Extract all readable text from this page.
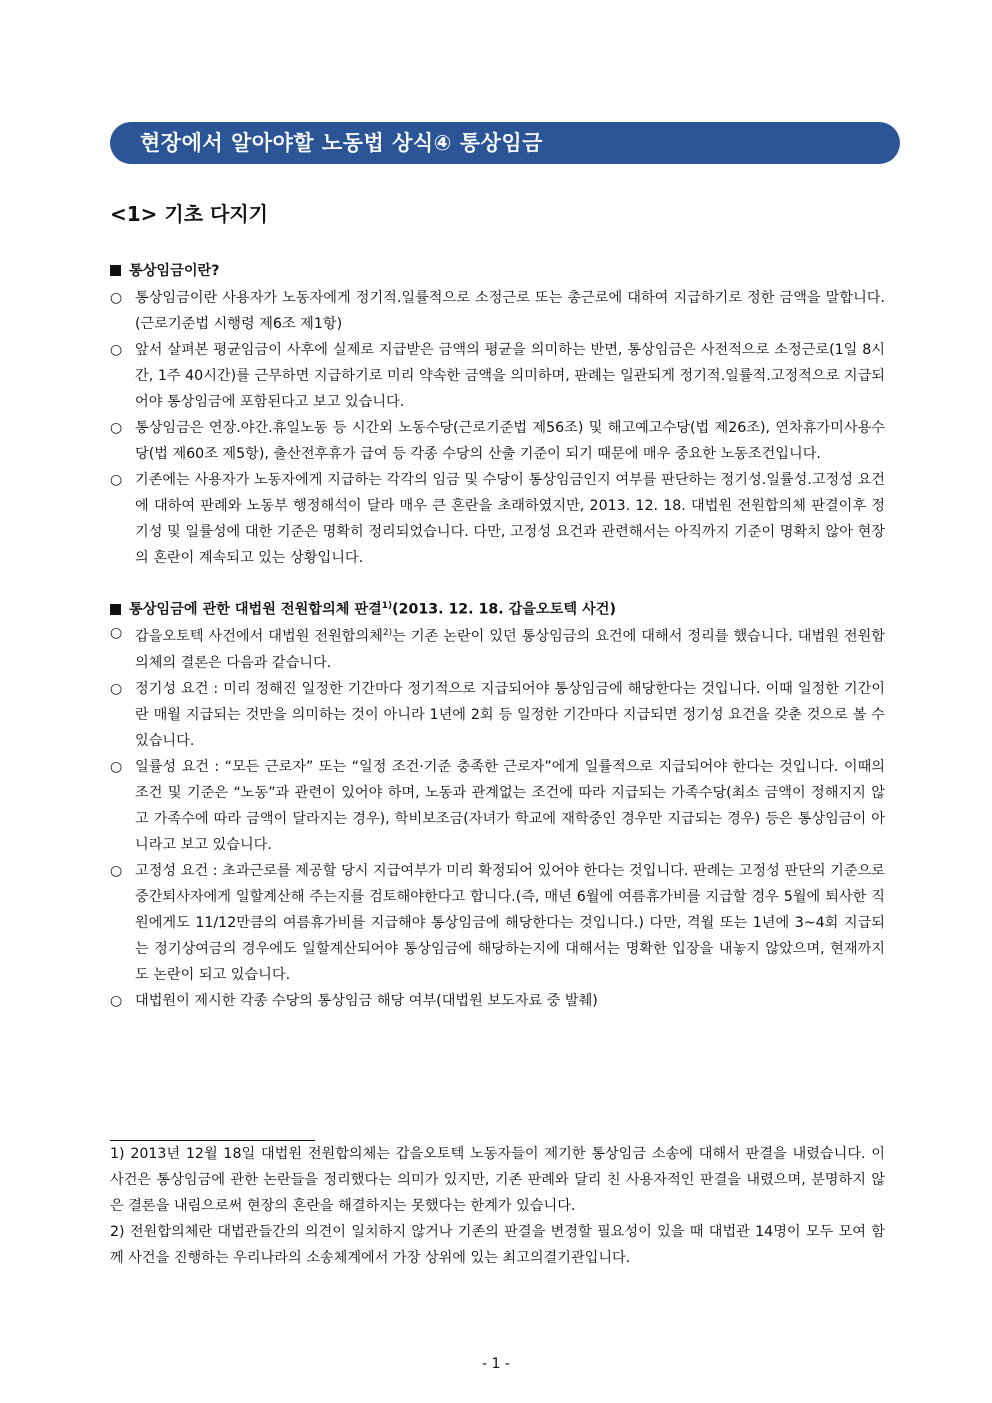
현장에서 알아야할 노동법 상식④ 통상임금
<1> 기초 다지기
통상임금이란?
○ 통상임금이란 사용자가 노동자에게 정기적.일률적으로 소정근로 또는 총근로에 대하여 지급하기로 정한 금액을 말합니다. (근로기준법 시행령 제6조 제1항)
○ 앞서 살펴본 평균임금이 사후에 실제로 지급받은 금액의 평균을 의미하는 반면, 통상임금은 사전적으로 소정근로(1일 8시간, 1주 40시간)를 근무하면 지급하기로 미리 약속한 금액을 의미하며, 판례는 일관되게 정기적.일률적.고정적으로 지급되어야 통상임금에 포함된다고 보고 있습니다.
○ 통상임금은 연장.야간.휴일노동 등 시간외 노동수당(근로기준법 제56조) 및 해고예고수당(법 제26조), 연차휴가미사용수당(법 제60조 제5항), 출산전후휴가 급여 등 각종 수당의 산출 기준이 되기 때문에 매우 중요한 노동조건입니다.
○ 기존에는 사용자가 노동자에게 지급하는 각각의 임금 및 수당이 통상임금인지 여부를 판단하는 정기성.일률성.고정성 요건에 대하여 판례와 노동부 행정해석이 달라 매우 큰 혼란을 초래하였지만, 2013. 12. 18. 대법원 전원합의체 판결이후 정기성 및 일률성에 대한 기준은 명확히 정리되었습니다. 다만, 고정성 요건과 관련해서는 아직까지 기준이 명확치 않아 현장의 혼란이 계속되고 있는 상황입니다.
통상임금에 관한 대법원 전원합의체 판결$^{1)}$(2013. 12. 18. 갑을오토텍 사건)
○ 갑을오토텍 사건에서 대법원 전원합의체$^{2)}$는 기존 논란이 있던 통상임금의 요건에 대해서 정리를 했습니다. 대법원 전원합의체의 결론은 다음과 같습니다.
○ 정기성 요건 : 미리 정해진 일정한 기간마다 정기적으로 지급되어야 통상임금에 해당한다는 것입니다. 이때 일정한 기간이란 매월 지급되는 것만을 의미하는 것이 아니라 1년에 2회 등 일정한 기간마다 지급되면 정기성 요건을 갖춘 것으로 볼 수 있습니다.
○ 일률성 요건 : “모든 근로자” 또는 “일정 조건·기준 충족한 근로자”에게 일률적으로 지급되어야 한다는 것입니다. 이때의 조건 및 기준은 “노동”과 관련이 있어야 하며, 노동과 관계없는 조건에 따라 지급되는 가족수당(최소 금액이 정해지지 않고 가족수에 따라 금액이 달라지는 경우), 학비보조금(자녀가 학교에 재학중인 경우만 지급되는 경우) 등은 통상임금이 아니라고 보고 있습니다.
○ 고정성 요건 : 초과근로를 제공할 당시 지급여부가 미리 확정되어 있어야 한다는 것입니다. 판례는 고정성 판단의 기준으로 중간퇴사자에게 일할계산해 주는지를 검토해야한다고 합니다.(즉, 매년 6월에 여름휴가비를 지급할 경우 5월에 퇴사한 직원에게도 11/12만큼의 여름휴가비를 지급해야 통상임금에 해당한다는 것입니다.) 다만, 격월 또는 1년에 3~4회 지급되는 정기상여금의 경우에도 일할계산되어야 통상임금에 해당하는지에 대해서는 명확한 입장을 내놓지 않았으며, 현재까지도 논란이 되고 있습니다.
○ 대법원이 제시한 각종 수당의 통상임금 해당 여부(대법원 보도자료 중 발췌)
1) 2013년 12월 18일 대법원 전원합의체는 갑을오토텍 노동자들이 제기한 통상임금 소송에 대해서 판결을 내렸습니다. 이 사건은 통상임금에 관한 논란들을 정리했다는 의미가 있지만, 기존 판례와 달리 친 사용자적인 판결을 내렸으며, 분명하지 않은 결론을 내림으로써 현장의 혼란을 해결하지는 못했다는 한계가 있습니다.
2) 전원합의체란 대법관들간의 의견이 일치하지 않거나 기존의 판결을 변경할 필요성이 있을 때 대법관 14명이 모두 모여 함께 사건을 진행하는 우리나라의 소송체계에서 가장 상위에 있는 최고의결기관입니다.
- 1 -
